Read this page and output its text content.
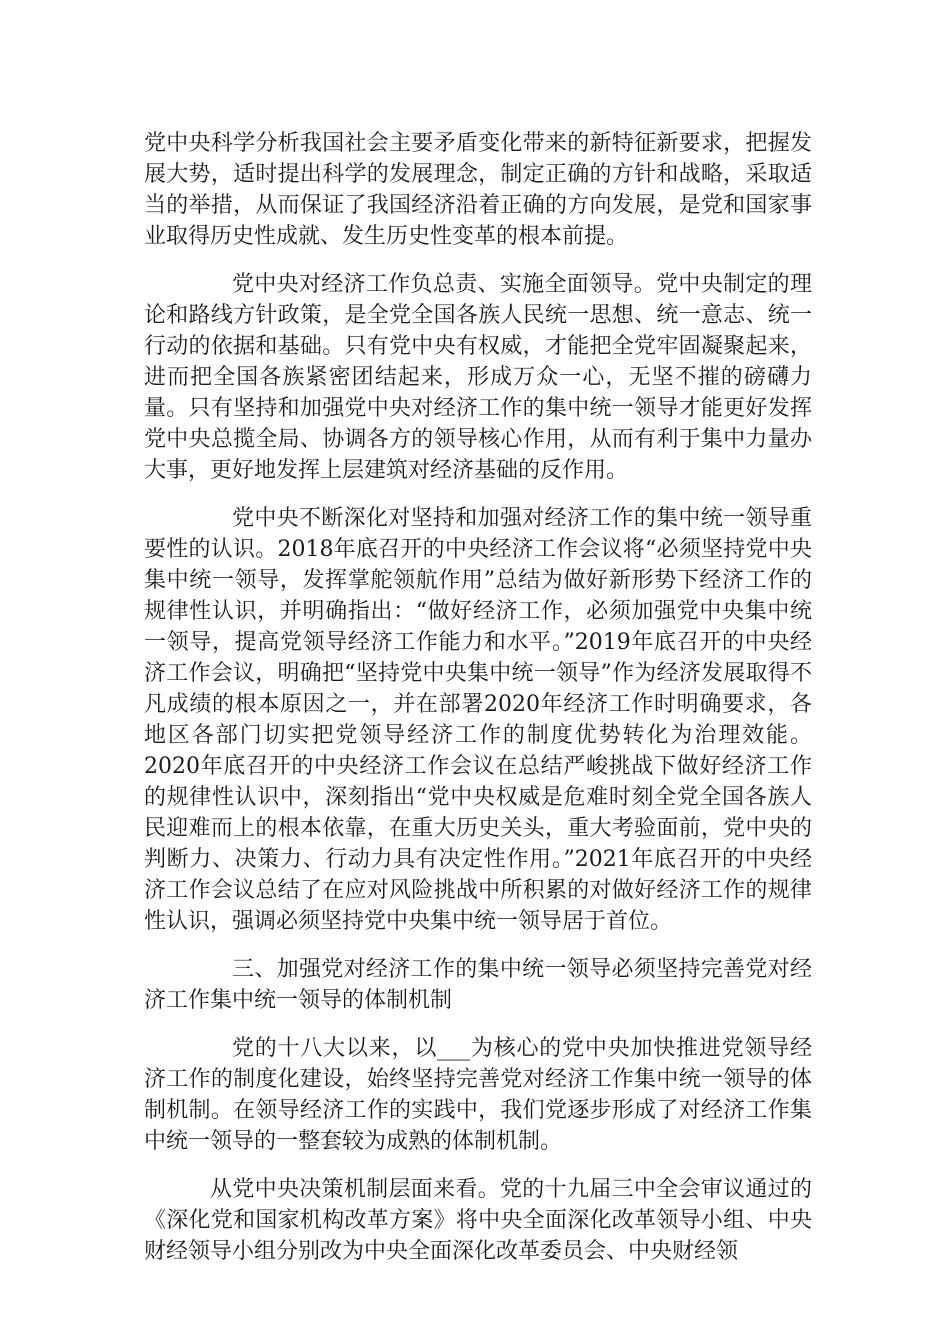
党中央科学分析我国社会主要矛盾变化带来的新特征新要求，把握发展大势，适时提出科学的发展理念，制定正确的方针和战略，采取适当的举措，从而保证了我国经济沿着正确的方向发展，是党和国家事业取得历史性成就、发生历史性变革的根本前提。

党中央对经济工作负总责、实施全面领导。党中央制定的理论和路线方针政策，是全党全国各族人民统一思想、统一意志、统一行动的依据和基础。只有党中央有权威，才能把全党牢固凝聚起来，进而把全国各族紧密团结起来，形成万众一心，无坚不摧的磅礴力量。只有坚持和加强党中央对经济工作的集中统一领导才能更好发挥党中央总揽全局、协调各方的领导核心作用，从而有利于集中力量办大事，更好地发挥上层建筑对经济基础的反作用。

党中央不断深化对坚持和加强对经济工作的集中统一领导重要性的认识。2018年底召开的中央经济工作会议将“必须坚持党中央集中统一领导，发挥掌舵领航作用”总结为做好新形势下经济工作的规律性认识，并明确指出：“做好经济工作，必须加强党中央集中统一领导，提高党领导经济工作能力和水平。”2019年底召开的中央经济工作会议，明确把“坚持党中央集中统一领导”作为经济发展取得不凡成绩的根本原因之一，并在部署2020年经济工作时明确要求，各地区各部门切实把党领导经济工作的制度优势转化为治理效能。2020年底召开的中央经济工作会议在总结严峻挑战下做好经济工作的规律性认识中，深刻指出“党中央权威是危难时刻全党全国各族人民迎难而上的根本依靠，在重大历史关头，重大考验面前，党中央的判断力、决策力、行动力具有决定性作用。”2021年底召开的中央经济工作会议总结了在应对风险挑战中所积累的对做好经济工作的规律性认识，强调必须坚持党中央集中统一领导居于首位。

三、加强党对经济工作的集中统一领导必须坚持完善党对经济工作集中统一领导的体制机制

党的十八大以来，以___为核心的党中央加快推进党领导经济工作的制度化建设，始终坚持完善党对经济工作集中统一领导的体制机制。在领导经济工作的实践中，我们党逐步形成了对经济工作集中统一领导的一整套较为成熟的体制机制。

从党中央决策机制层面来看。党的十九届三中全会审议通过的《深化党和国家机构改革方案》将中央全面深化改革领导小组、中央财经领导小组分别改为中央全面深化改革委员会、中央财经领
